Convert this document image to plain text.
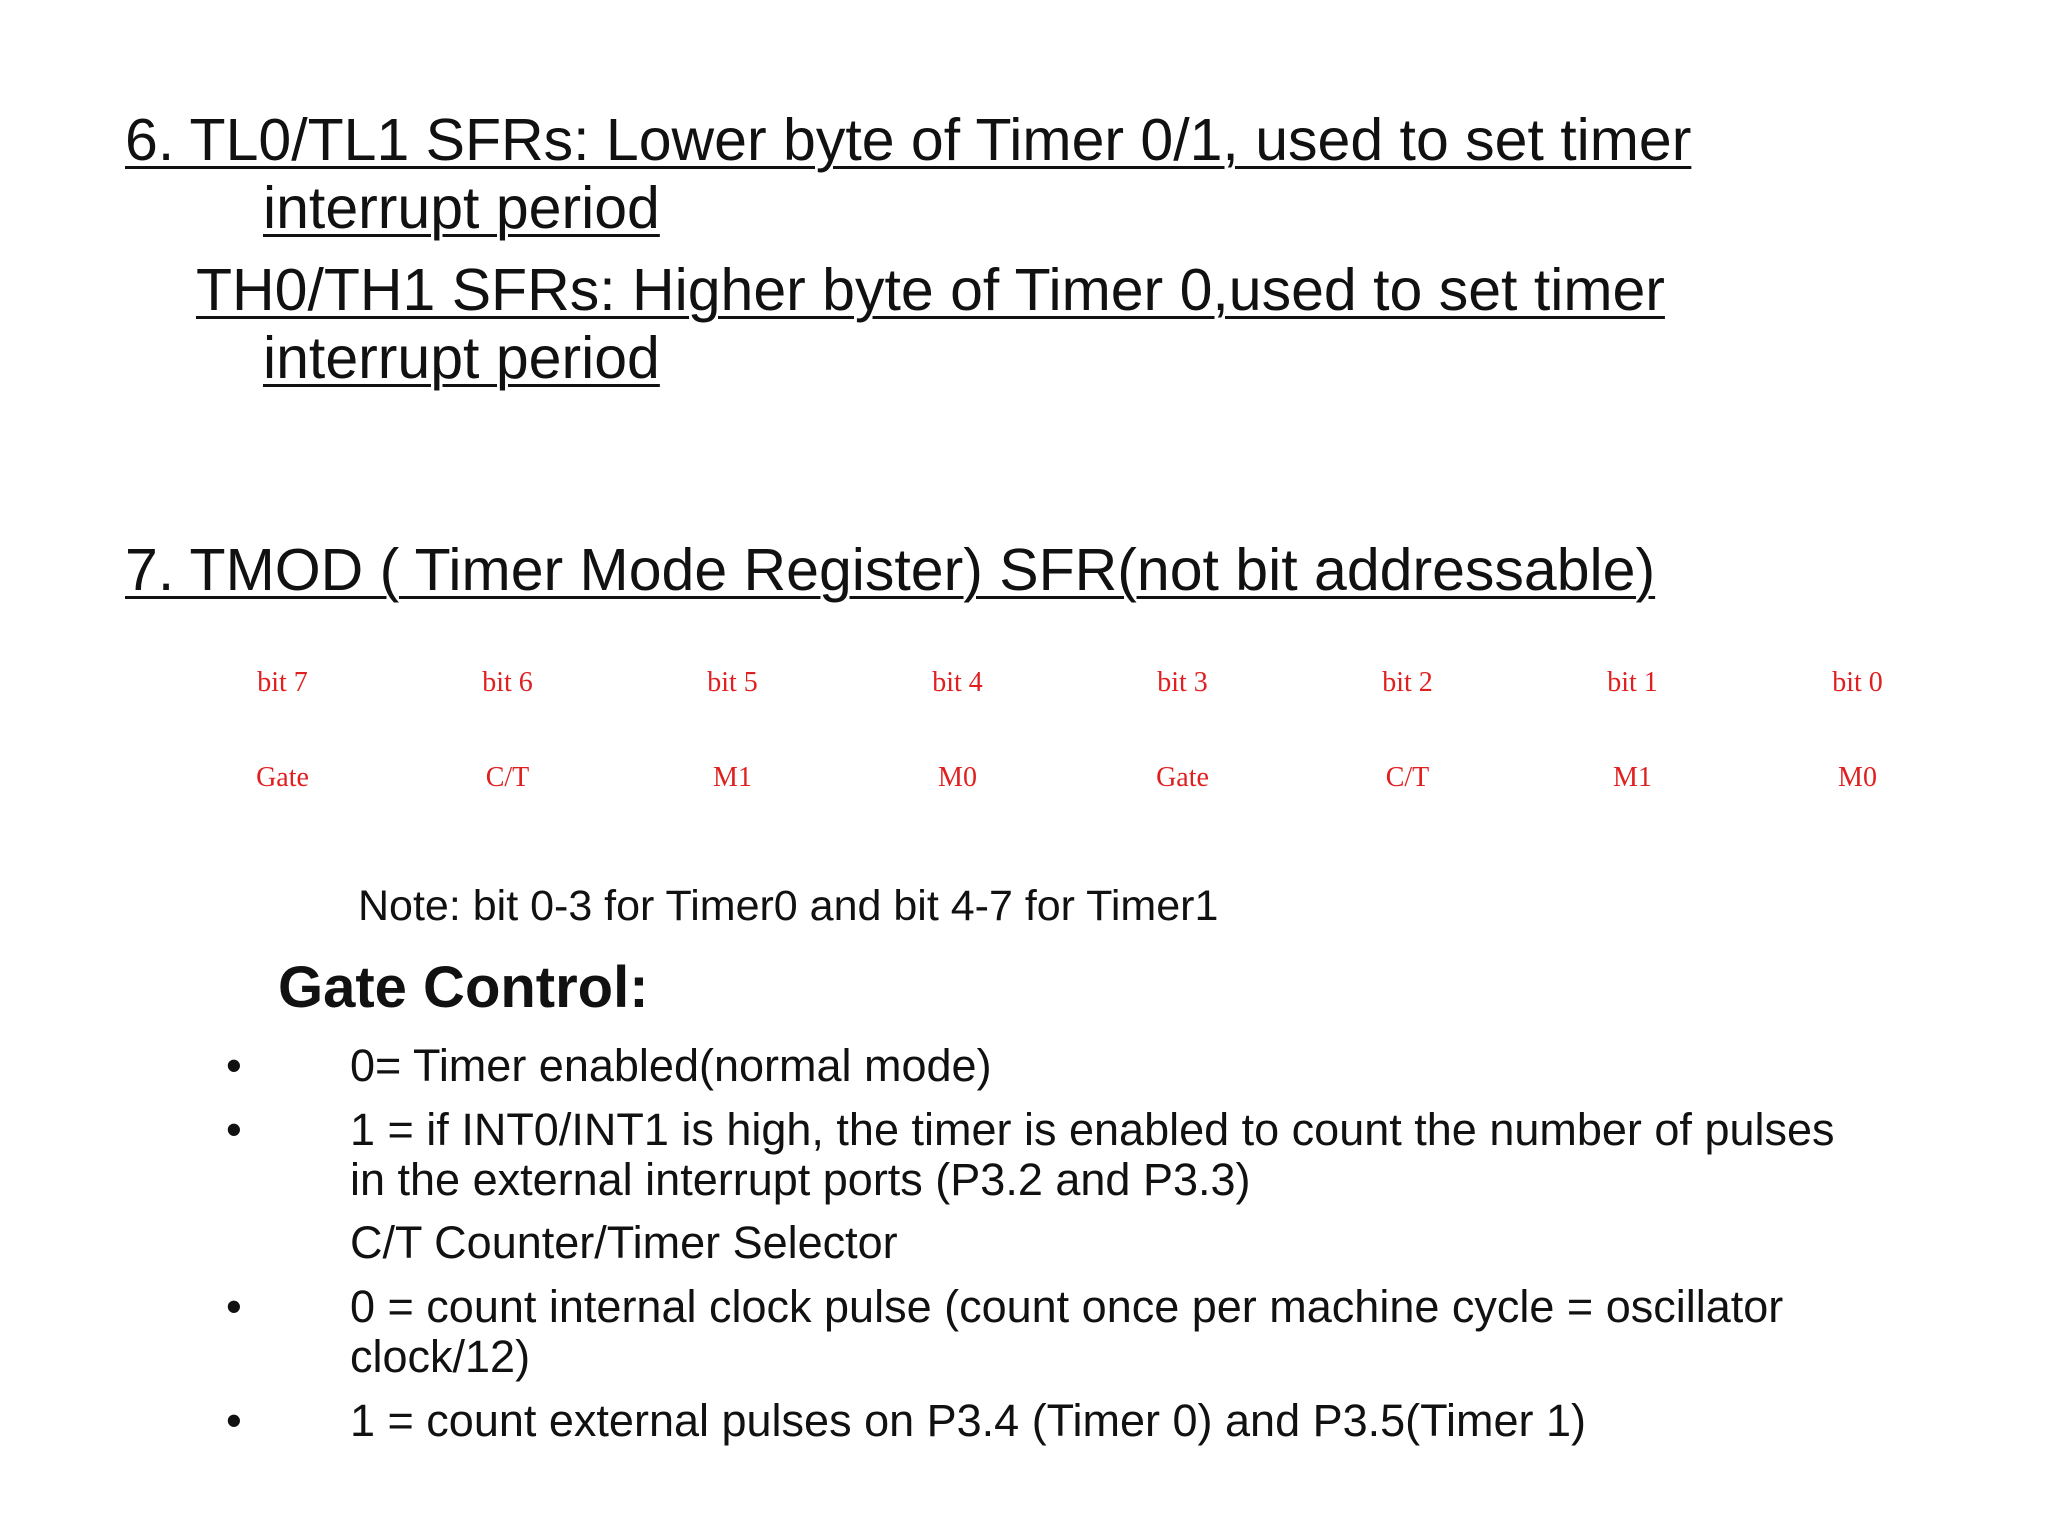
6. TL0/TL1 SFRs: Lower byte of Timer 0/1, used to set timer
interrupt period
TH0/TH1 SFRs: Higher byte of Timer 0,used to set timer
interrupt period
7. TMOD ( Timer Mode Register) SFR(not bit addressable)
bit 7	bit 6	bit 5	bit 4	bit 3	bit 2	bit 1	bit 0
Gate	C/T	M1	M0	Gate	C/T	M1	M0
Note: bit 0-3 for Timer0 and bit 4-7 for Timer1
Gate Control:
• 0= Timer enabled(normal mode)
• 1 = if INT0/INT1 is high, the timer is enabled to count the number of pulses
in the external interrupt ports (P3.2 and P3.3)
C/T Counter/Timer Selector
• 0 = count internal clock pulse (count once per machine cycle = oscillator
clock/12)
• 1 = count external pulses on P3.4 (Timer 0) and P3.5(Timer 1)
